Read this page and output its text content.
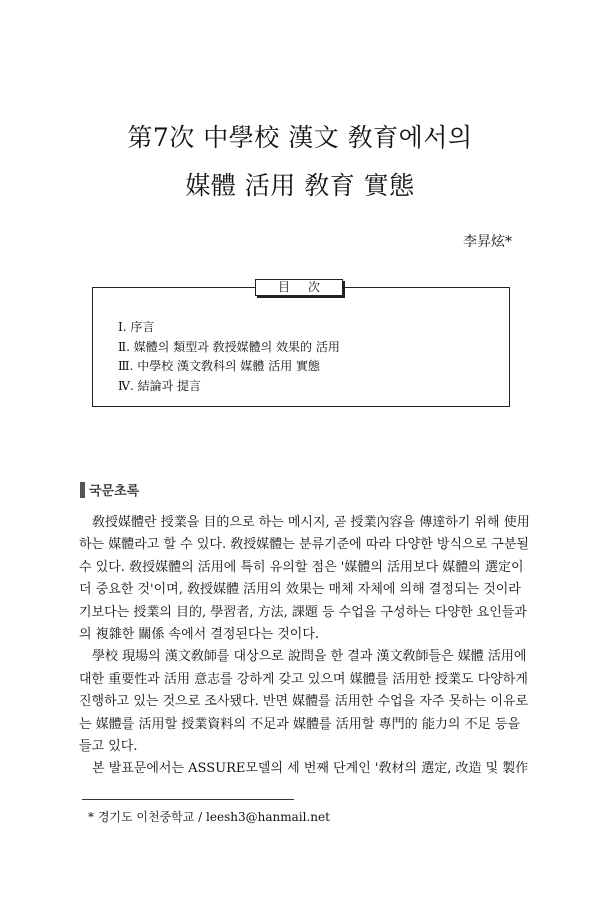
第7次 中學校 漢文 敎育에서의
媒體 活用 敎育 實態
李昇炫*
目次
Ⅰ. 序言
Ⅱ. 媒體의 類型과 敎授媒體의 效果的 活用
Ⅲ. 中學校 漢文敎科의 媒體 活用 實態
Ⅳ. 結論과 提言
국문초록
敎授媒體란 授業을 目的으로 하는 메시지, 곧 授業內容을 傳達하기 위해 使用
하는 媒體라고 할 수 있다. 敎授媒體는 분류기준에 따라 다양한 방식으로 구분될
수 있다. 敎授媒體의 活用에 특히 유의할 점은 '媒體의 活用보다 媒體의 選定이
더 중요한 것'이며, 敎授媒體 活用의 效果는 매체 자체에 의해 결정되는 것이라
기보다는 授業의 目的, 學習者, 方法, 課題 등 수업을 구성하는 다양한 요인들과
의 複雜한 關係 속에서 결정된다는 것이다.
學校 現場의 漢文敎師를 대상으로 說問을 한 결과 漢文敎師들은 媒體 活用에
대한 重要性과 活用 意志를 강하게 갖고 있으며 媒體를 活用한 授業도 다양하게
진행하고 있는 것으로 조사됐다. 반면 媒體를 活用한 수업을 자주 못하는 이유로
는 媒體를 活用할 授業資料의 不足과 媒體를 活用할 專門的 能力의 不足 등을
들고 있다.
본 발표문에서는 ASSURE모델의 세 번째 단계인 '敎材의 選定, 改造 및 製作
* 경기도 이천중학교 / leesh3@hanmail.net
